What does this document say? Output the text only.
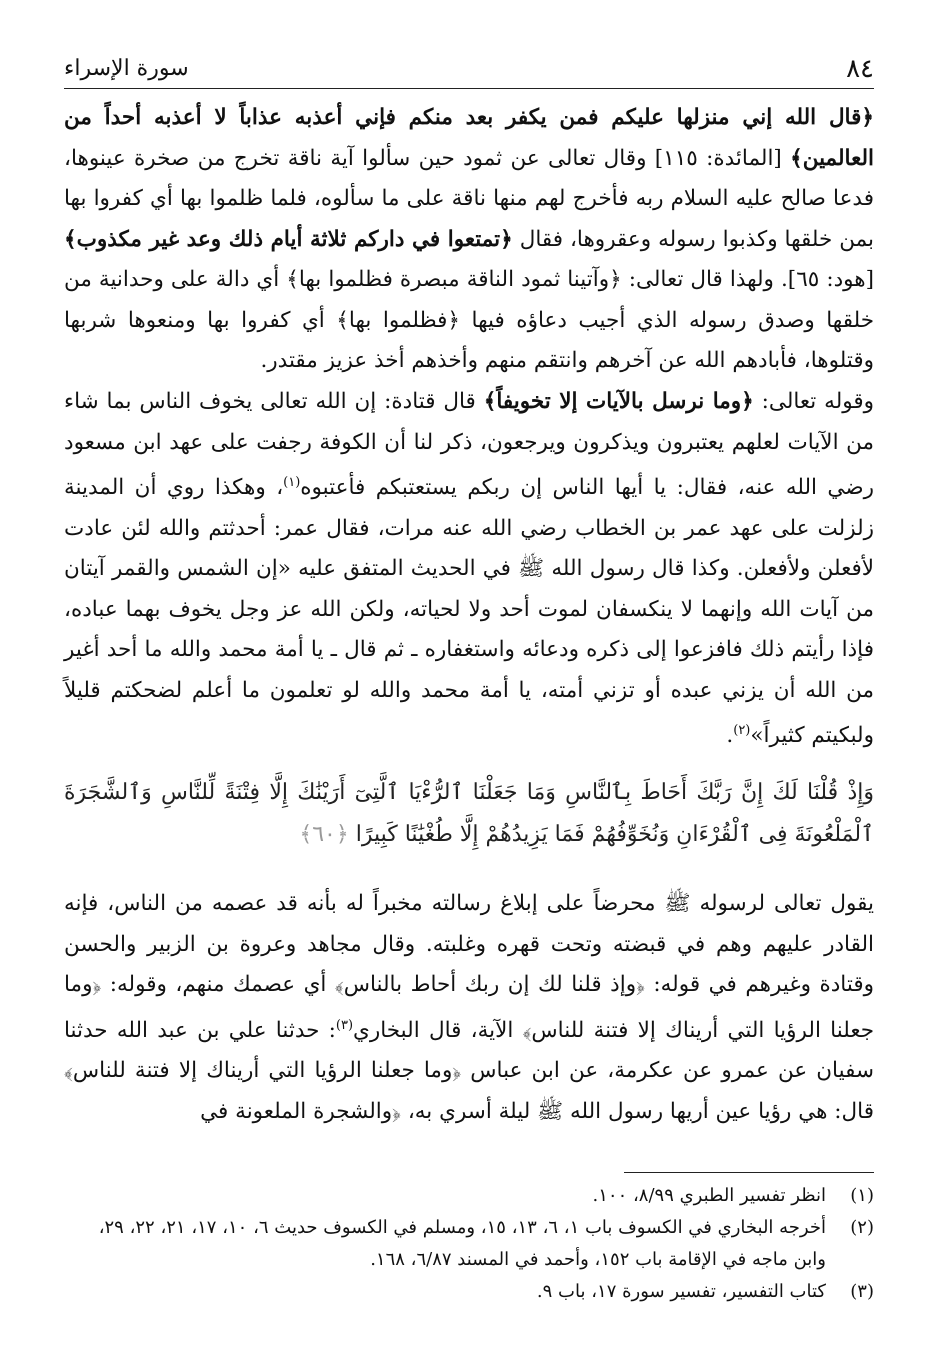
٨٤
سورة الإسراء
﴿قال الله إني منزلها عليكم فمن يكفر بعد منكم فإني أعذبه عذاباً لا أعذبه أحداً من العالمين﴾ [المائدة: ١١٥] وقال تعالى عن ثمود حين سألوا آية ناقة تخرج من صخرة عينوها، فدعا صالح عليه السلام ربه فأخرج لهم منها ناقة على ما سألوه، فلما ظلموا بها أي كفروا بها بمن خلقها وكذبوا رسوله وعقروها، فقال ﴿تمتعوا في داركم ثلاثة أيام ذلك وعد غير مكذوب﴾ [هود: ٦٥]. ولهذا قال تعالى: ﴿وآتينا ثمود الناقة مبصرة فظلموا بها﴾ أي دالة على وحدانية من خلقها وصدق رسوله الذي أجيب دعاؤه فيها ﴿فظلموا بها﴾ أي كفروا بها ومنعوها شربها وقتلوها، فأبادهم الله عن آخرهم وانتقم منهم وأخذهم أخذ عزيز مقتدر.
وقوله تعالى: ﴿وما نرسل بالآيات إلا تخويفاً﴾ قال قتادة: إن الله تعالى يخوف الناس بما شاء من الآيات لعلهم يعتبرون ويذكرون ويرجعون، ذكر لنا أن الكوفة رجفت على عهد ابن مسعود رضي الله عنه، فقال: يا أيها الناس إن ربكم يستعتبكم فأعتبوه$^{(١)}$، وهكذا روي أن المدينة زلزلت على عهد عمر بن الخطاب رضي الله عنه مرات، فقال عمر: أحدثتم والله لئن عادت لأفعلن ولأفعلن. وكذا قال رسول الله ﷺ في الحديث المتفق عليه «إن الشمس والقمر آيتان من آيات الله وإنهما لا ينكسفان لموت أحد ولا لحياته، ولكن الله عز وجل يخوف بهما عباده، فإذا رأيتم ذلك فافزعوا إلى ذكره ودعائه واستغفاره ـ ثم قال ـ يا أمة محمد والله ما أحد أغير من الله أن يزني عبده أو تزني أمته، يا أمة محمد والله لو تعلمون ما أعلم لضحكتم قليلاً ولبكيتم كثيراً»$^{(٢)}$.
وَإِذْ قُلْنَا لَكَ إِنَّ رَبَّكَ أَحَاطَ بِٱلنَّاسِ وَمَا جَعَلْنَا ٱلرُّءْيَا ٱلَّتِىٓ أَرَيْنَٰكَ إِلَّا فِتْنَةً لِّلنَّاسِ وَٱلشَّجَرَةَ ٱلْمَلْعُونَةَ فِى ٱلْقُرْءَانِ وَنُخَوِّفُهُمْ فَمَا يَزِيدُهُمْ إِلَّا طُغْيَٰنًا كَبِيرًا ﴿٦٠﴾
يقول تعالى لرسوله ﷺ محرضاً على إبلاغ رسالته مخبراً له بأنه قد عصمه من الناس، فإنه القادر عليهم وهم في قبضته وتحت قهره وغلبته. وقال مجاهد وعروة بن الزبير والحسن وقتادة وغيرهم في قوله: ﴿وإذ قلنا لك إن ربك أحاط بالناس﴾ أي عصمك منهم، وقوله: ﴿وما جعلنا الرؤيا التي أريناك إلا فتنة للناس﴾ الآية، قال البخاري$^{(٣)}$: حدثنا علي بن عبد الله حدثنا سفيان عن عمرو عن عكرمة، عن ابن عباس ﴿وما جعلنا الرؤيا التي أريناك إلا فتنة للناس﴾ قال: هي رؤيا عين أريها رسول الله ﷺ ليلة أسري به، ﴿والشجرة الملعونة في
(١)
انظر تفسير الطبري ٨/٩٩، ١٠٠.
(٢)
أخرجه البخاري في الكسوف باب ١، ٦، ١٣، ١٥، ومسلم في الكسوف حديث ٦، ١٠، ١٧، ٢١، ٢٢، ٢٩، وابن ماجه في الإقامة باب ١٥٢، وأحمد في المسند ٦/٨٧، ١٦٨.
(٣)
كتاب التفسير، تفسير سورة ١٧، باب ٩.
